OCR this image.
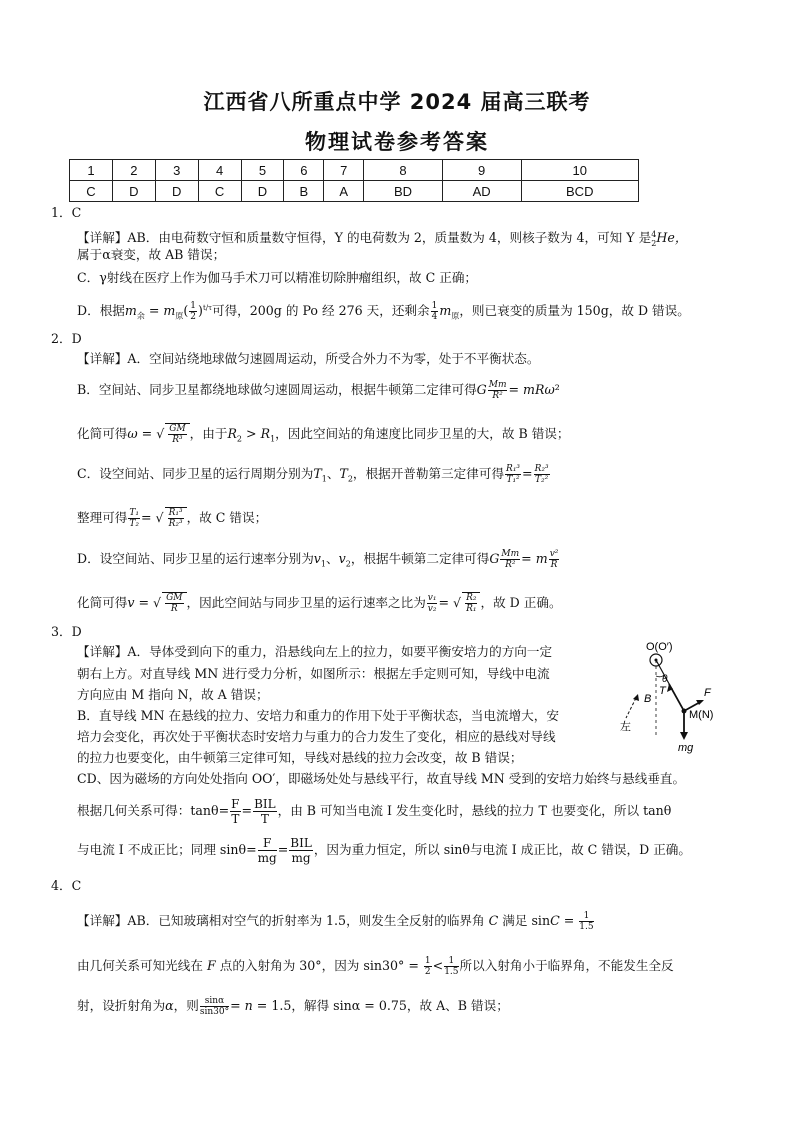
江西省八所重点中学 2024 届高三联考
物理试卷参考答案
1	2	3	4	5	6	7	8	9	10
C	D	D	C	D	B	A	BD	AD	BCD
1．C
【详解】AB．由电荷数守恒和质量数守恒得，Y 的电荷数为 2，质量数为 4，则核子数为 4，可知 Y 是$^4_2$He，
属于α衰变，故 AB 错误；
C．γ射线在医疗上作为伽马手术刀可以精准切除肿瘤组织，故 C 正确；
D．根据$m_余 = m_原( \frac{1}{2} )^{t/\tau}$可得，200g 的 Po 经 276 天，还剩余 $\frac{1}{4} m_原$，则已衰变的质量为 150g，故 D 错误。
2．D
【详解】A．空间站绕地球做匀速圆周运动，所受合外力不为零，处于不平衡状态。
B．空间站、同步卫星都绕地球做匀速圆周运动，根据牛顿第二定律可得G $\frac{Mm}{\text{R²}} = mR\omega^2$
化简可得ω = √ $\frac{GM}{\text{R³}}$ ，由于$R_2 > R_1$，因此空间站的角速度比同步卫星的大，故 B 错误；
C．设空间站、同步卫星的运行周期分别为$T_1$、$T_2$，根据开普勒第三定律可得 $\frac{\text{R₁³}}{\text{T₁²}} = \frac{\text{R₂³}}{\text{T₂²}}$
整理可得 $\frac{\text{T₁}}{\text{T₂}}$ = √ $\frac{\text{R₁³}}{\text{R₂³}}$ ，故 C 错误；
D．设空间站、同步卫星的运行速率分别为$v_1$、$v_2$，根据牛顿第二定律可得G $\frac{Mm}{\text{R²}} = m \frac{\text{v²}}{R}$
化简可得v = √ $\frac{GM}{R}$ ，因此空间站与同步卫星的运行速率之比为 $\frac{\text{v₁}}{\text{v₂}}$ = √ $\frac{\text{R₂}}{\text{R₁}}$ ，故 D 正确。
3．D
【详解】A．导体受到向下的重力，沿悬线向左上的拉力，如要平衡安培力的方向一定
朝右上方。对直导线 MN 进行受力分析，如图所示：根据左手定则可知，导线中电流
方向应由 M 指向 N，故 A 错误；
B．直导线 MN 在悬线的拉力、安培力和重力的作用下处于平衡状态，当电流增大，安
培力会变化，再次处于平衡状态时安培力与重力的合力发生了变化，相应的悬线对导线
的拉力也要变化，由牛顿第三定律可知，导线对悬线的拉力会改变，故 B 错误；
CD、因为磁场的方向处处指向 OO′，即磁场处处与悬线平行，故直导线 MN 受到的安培力始终与悬线垂直。
根据几何关系可得：$\tan\theta= \frac{F}{T} = \frac{\text{BIL}}{T}$ ，由 B 可知当电流 I 发生变化时，悬线的拉力 T 也要变化，所以 tanθ
与电流 I 不成正比；同理 $\sin\theta= \frac{F}{mg} = \frac{\text{BIL}}{mg}$ ，因为重力恒定，所以 sinθ与电流 I 成正比，故 C 错误，D 正确。
O(O′)
B
T
θ
F
M(N)
左
mg
4．C
【详解】AB．已知玻璃相对空气的折射率为 1.5，则发生全反射的临界角 C 满足 $\sin C = \frac{1}{1.5}$
由几何关系可知光线在 F 点的入射角为 30°，因为 $\sin 30^\circ = \frac{1}{2} < \frac{1}{1.5}$ 所以入射角小于临界角，不能发生全反
射，设折射角为α，则 $\frac{\sin\alpha}{\sin 30^\circ} = n = 1.5$，解得 sinα = 0.75，故 A、B 错误；
